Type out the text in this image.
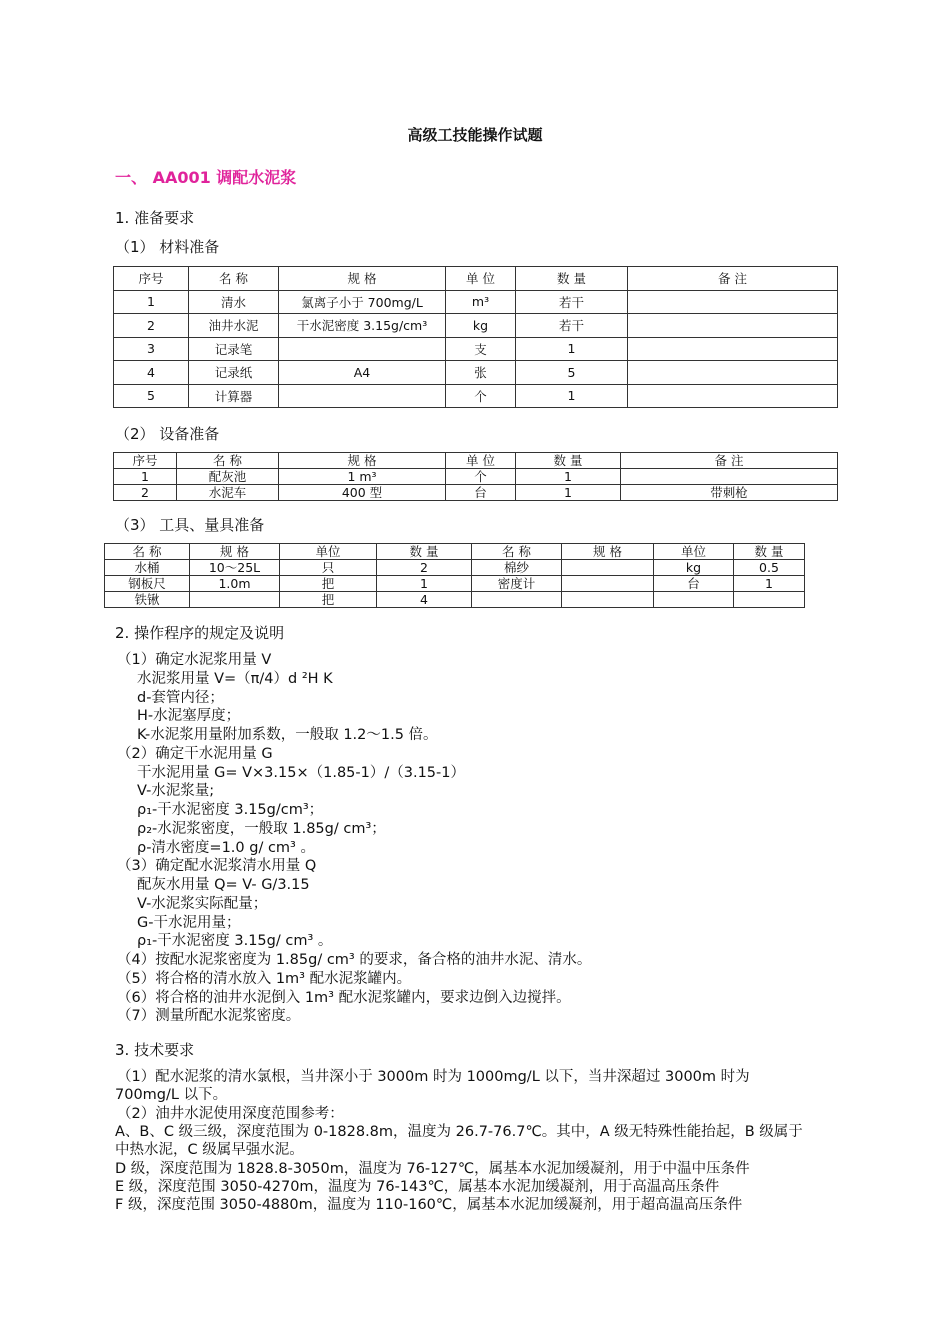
高级工技能操作试题
一、 AA001 调配水泥浆
1. 准备要求
（1） 材料准备
序号	名 称	规 格	单 位	数 量	备 注
1	清水	氯离子小于 700mg/L	m³	若干	
2	油井水泥	干水泥密度 3.15g/cm³	kg	若干	
3	记录笔		支	1	
4	记录纸	A4	张	5	
5	计算器		个	1	
（2） 设备准备
序号	名 称	规 格	单 位	数 量	备 注
1	配灰池	1 m³	个	1	
2	水泥车	400 型	台	1	带刺枪
（3） 工具、量具准备
名 称	规 格	单位	数 量	名 称	规 格	单位	数 量
水桶	10～25L	只	2	棉纱		kg	0.5
钢板尺	1.0m	把	1	密度计		台	1
铁锹		把	4				
2. 操作程序的规定及说明
（1）确定水泥浆用量 V
水泥浆用量 V=（π/4）d ²H K
d-套管内径；
H-水泥塞厚度；
K-水泥浆用量附加系数，一般取 1.2～1.5 倍。
（2）确定干水泥用量 G
干水泥用量 G= V×3.15×（1.85-1）/（3.15-1）
V-水泥浆量;
ρ₁-干水泥密度 3.15g/cm³；
ρ₂-水泥浆密度，一般取 1.85g/ cm³；
ρ-清水密度=1.0 g/ cm³ 。
（3）确定配水泥浆清水用量 Q
配灰水用量 Q= V- G/3.15
V-水泥浆实际配量；
G-干水泥用量；
ρ₁-干水泥密度 3.15g/ cm³ 。
（4）按配水泥浆密度为 1.85g/ cm³ 的要求，备合格的油井水泥、清水。
（5）将合格的清水放入 1m³ 配水泥浆罐内。
（6）将合格的油井水泥倒入 1m³ 配水泥浆罐内，要求边倒入边搅拌。
（7）测量所配水泥浆密度。
3. 技术要求
（1）配水泥浆的清水氯根，当井深小于 3000m 时为 1000mg/L 以下，当井深超过 3000m 时为
700mg/L 以下。
（2）油井水泥使用深度范围参考：
A、B、C 级三级，深度范围为 0-1828.8m，温度为 26.7-76.7℃。其中，A 级无特殊性能抬起，B 级属于
中热水泥，C 级属早强水泥。
D 级，深度范围为 1828.8-3050m，温度为 76-127℃，属基本水泥加缓凝剂，用于中温中压条件
E 级，深度范围 3050-4270m，温度为 76-143℃，属基本水泥加缓凝剂，用于高温高压条件
F 级，深度范围 3050-4880m，温度为 110-160℃，属基本水泥加缓凝剂，用于超高温高压条件
